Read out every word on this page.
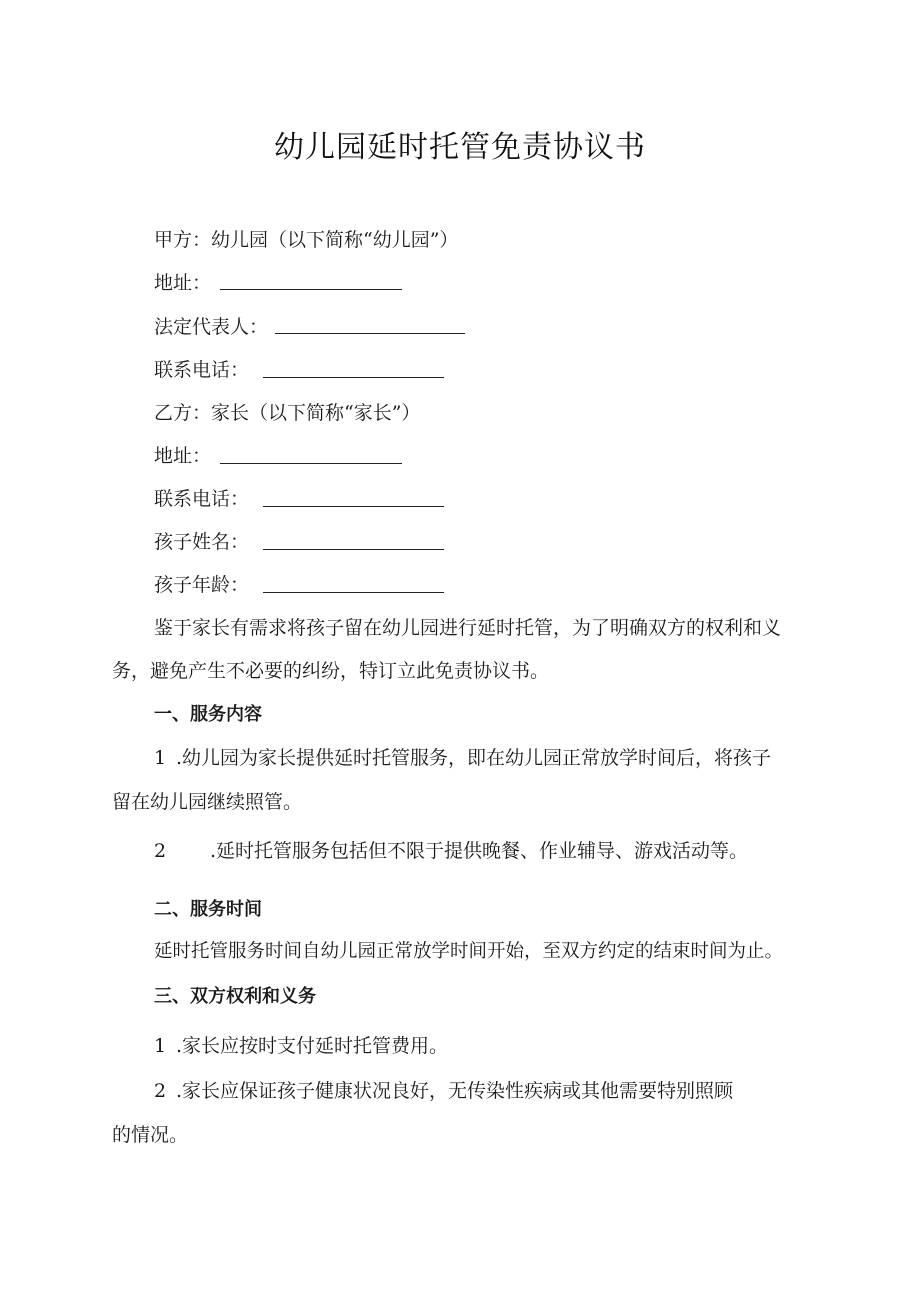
幼儿园延时托管免责协议书
甲方：幼儿园（以下简称“幼儿园”）
地址：
法定代表人：
联系电话：
乙方：家长（以下简称“家长”）
地址：
联系电话：
孩子姓名：
孩子年龄：
鉴于家长有需求将孩子留在幼儿园进行延时托管，为了明确双方的权利和义
务，避免产生不必要的纠纷，特订立此免责协议书。
一、服务内容
1 .幼儿园为家长提供延时托管服务，即在幼儿园正常放学时间后，将孩子
留在幼儿园继续照管。
2 .延时托管服务包括但不限于提供晚餐、作业辅导、游戏活动等。
二、服务时间
延时托管服务时间自幼儿园正常放学时间开始，至双方约定的结束时间为止。
三、双方权利和义务
1 .家长应按时支付延时托管费用。
2 .家长应保证孩子健康状况良好，无传染性疾病或其他需要特别照顾
的情况。
